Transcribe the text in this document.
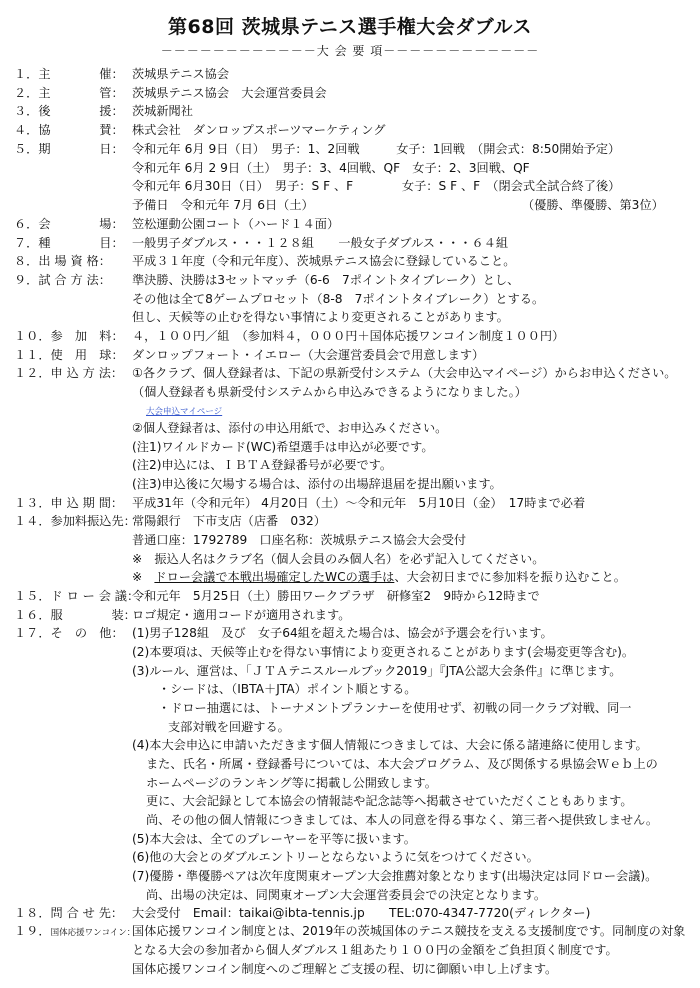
第68回 茨城県テニス選手権大会ダブルス
－－－－－－－－－－－－大 会 要 項－－－－－－－－－－－－
１．主　　　　催：
２．主　　　　管：
３．後　　　　援：
４．協　　　　賛：
５．期　　　　日：
６．会　　　　場：
７．種　　　　目：
８．出 場 資 格：
９．試 合 方 法：
１０．参　加　料：
１１．使　用　球：
１２．申 込 方 法：
１３．申 込 期 間：
１４．参加料振込先：
１５．ド ロ ー 会 議：
１６．服　　　　装：
１７．そ　の　他：
１８．問 合 せ 先：
１９．国体応援ワンコイン：
茨城県テニス協会
茨城県テニス協会　大会運営委員会
茨城新聞社
株式会社　ダンロップスポーツマーケティング
令和元年 6月 9日（日）　男子：1、2回戦　　　女子：1回戦　（開会式：8:50開始予定）
令和元年 6月 2 9日（土）　男子：3、4回戦、QF　女子：2、3回戦、QF
令和元年 6月30日（日）　男子：S F 、F　　　　女子：S F 、F　（閉会式全試合終了後）
予備日　令和元年 7月 6日（土）	（優勝、準優勝、第3位）
笠松運動公園コート（ハード１４面）
一般男子ダブルス・・・１２８組　　一般女子ダブルス・・・６４組
平成３１年度（令和元年度）、茨城県テニス協会に登録していること。
準決勝、決勝は3セットマッチ（6-6　7ポイントタイブレーク）とし、
その他は全て8ゲームプロセット（8-8　7ポイントタイブレーク）とする。
但し、天候等の止むを得ない事情により変更されることがあります。
４，１００円／組　（参加料４，０００円＋国体応援ワンコイン制度１００円）
ダンロップフォート・イエロー（大会運営委員会で用意します）
①各クラブ、個人登録者は、下記の県新受付システム（大会申込マイページ）からお申込ください。
（個人登録者も県新受付システムから申込みできるようになりました。）
大会申込マイページ
②個人登録者は、添付の申込用紙で、お申込みください。
(注1)ワイルドカード(WC)希望選手は申込が必要です。
(注2)申込には、ＩＢＴＡ登録番号が必要です。
(注3)申込後に欠場する場合は、添付の出場辞退届を提出願います。
平成31年（令和元年） 4月20日（土）～令和元年　5月10日（金）　17時まで必着
常陽銀行　下市支店（店番　032）
普通口座：1792789　口座名称：茨城県テニス協会大会受付
※　振込人名はクラブ名（個人会員のみ個人名）を必ず記入してください。
※　ドロー会議で本戦出場確定したWCの選手は、大会初日までに参加料を振り込むこと。
令和元年　5月25日（土）勝田ワークプラザ　研修室2　9時から12時まで
ロゴ規定・適用コードが適用されます。
(1)男子128組　及び　女子64組を超えた場合は、協会が予選会を行います。
(2)本要項は、天候等止むを得ない事情により変更されることがあります(会場変更等含む)。
(3)ルール、運営は、「ＪＴＡテニスルールブック2019」『JTA公認大会条件』に準じます。
・シードは、（IBTA＋JTA）ポイント順とする。
・ドロー抽選には、トーナメントプランナーを使用せず、初戦の同一クラブ対戦、同一
支部対戦を回避する。
(4)本大会申込に申請いただきます個人情報につきましては、大会に係る諸連絡に使用します。
また、氏名・所属・登録番号については、本大会プログラム、及び関係する県協会Ｗｅｂ上の
ホームページのランキング等に掲載し公開致します。
更に、大会記録として本協会の情報誌や記念誌等へ掲載させていただくこともあります。
尚、その他の個人情報につきましては、本人の同意を得る事なく、第三者へ提供致しません。
(5)本大会は、全てのプレーヤーを平等に扱います。
(6)他の大会とのダブルエントリーとならないように気をつけてください。
(7)優勝・準優勝ペアは次年度関東オープン大会推薦対象となります(出場決定は同ドロー会議)。
尚、出場の決定は、同関東オープン大会運営委員会での決定となります。
大会受付　Email：taikai@ibta-tennis.jp　　TEL:070-4347-7720(ディレクター)
国体応援ワンコイン制度とは、2019年の茨城国体のテニス競技を支える支援制度です。同制度の対象
となる大会の参加者から個人ダブルス１組あたり１００円の金額をご負担頂く制度です。
国体応援ワンコイン制度へのご理解とご支援の程、切に御願い申し上げます。
